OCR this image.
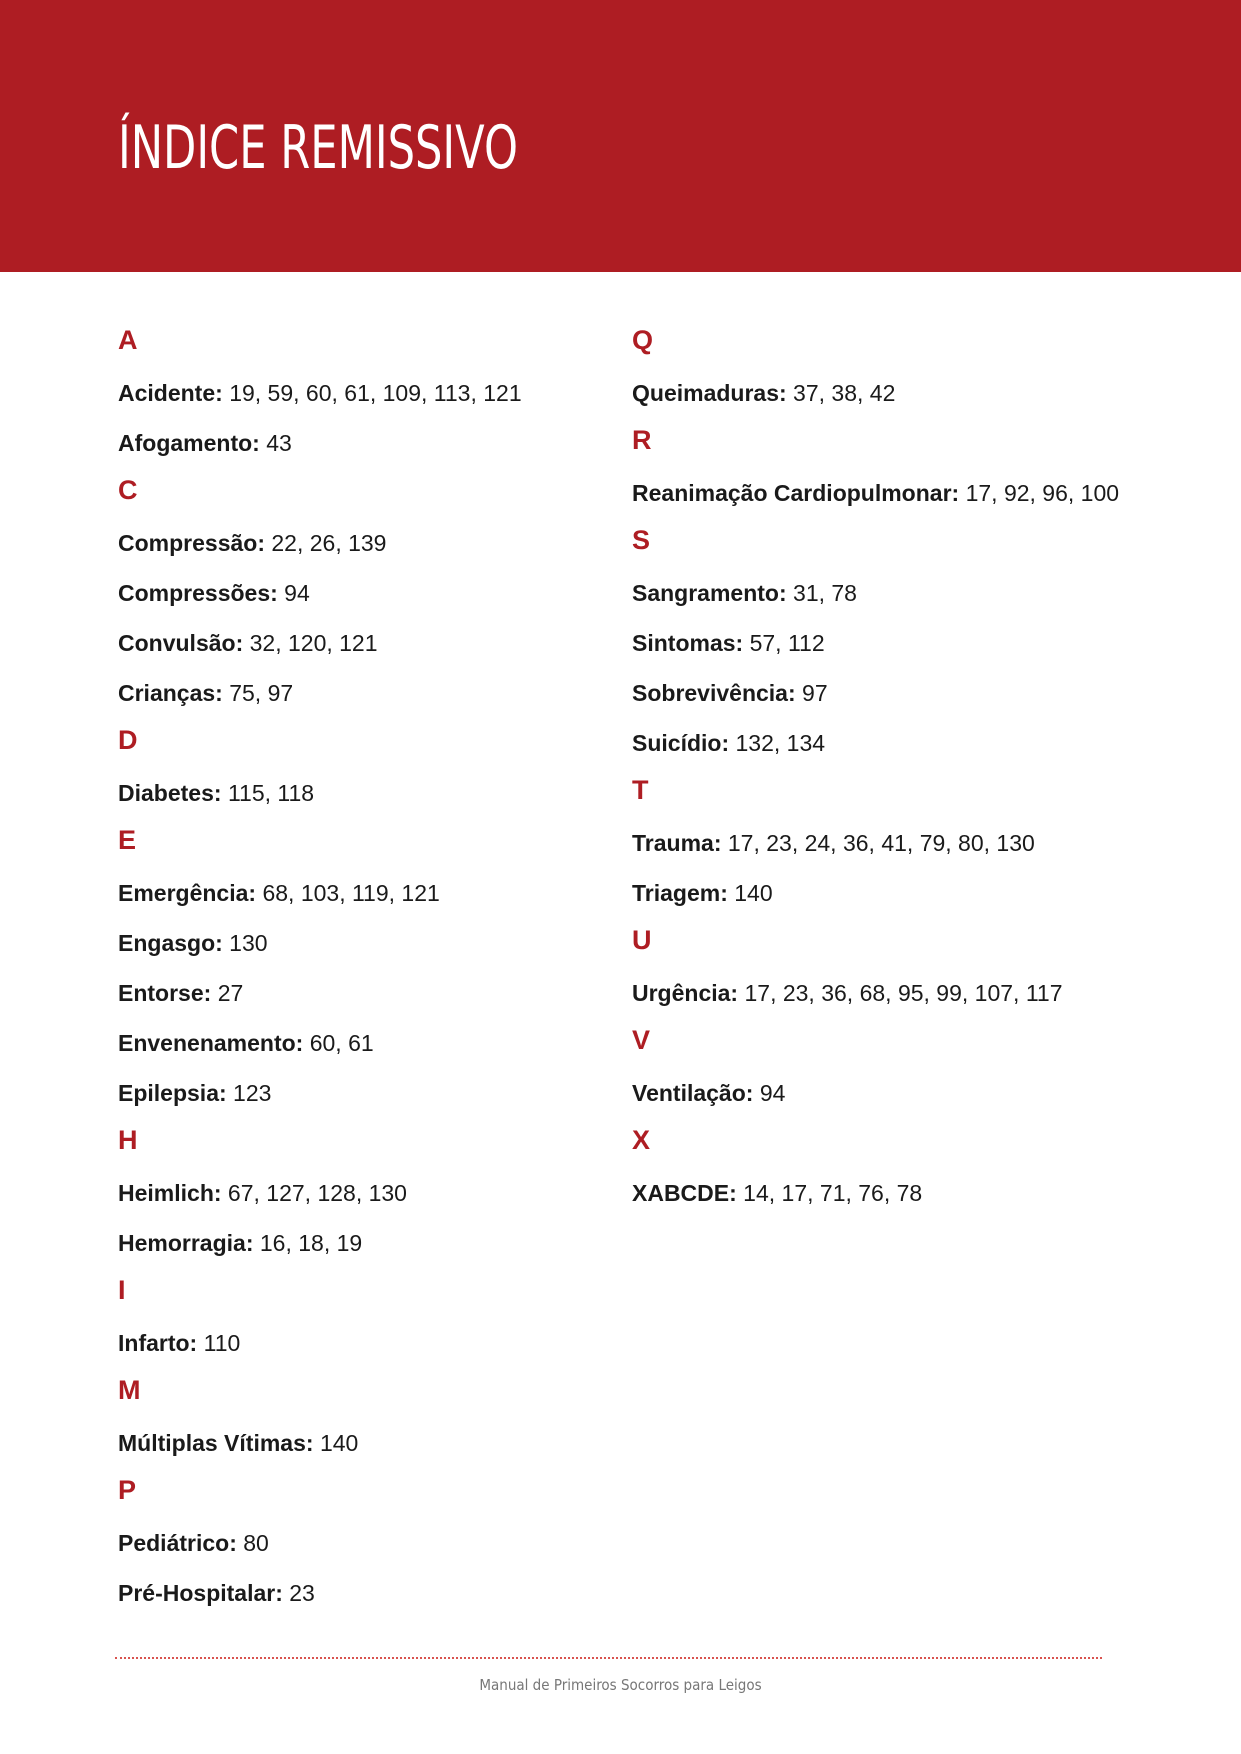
ÍNDICE REMISSIVO
A
Acidente: 19, 59, 60, 61, 109, 113, 121
Afogamento: 43
C
Compressão: 22, 26, 139
Compressões: 94
Convulsão: 32, 120, 121
Crianças: 75, 97
D
Diabetes: 115, 118
E
Emergência: 68, 103, 119, 121
Engasgo: 130
Entorse: 27
Envenenamento: 60, 61
Epilepsia: 123
H
Heimlich: 67, 127, 128, 130
Hemorragia: 16, 18, 19
I
Infarto: 110
M
Múltiplas Vítimas: 140
P
Pediátrico: 80
Pré-Hospitalar: 23
Q
Queimaduras: 37, 38, 42
R
Reanimação Cardiopulmonar: 17, 92, 96, 100
S
Sangramento: 31, 78
Sintomas: 57, 112
Sobrevivência: 97
Suicídio: 132, 134
T
Trauma: 17, 23, 24, 36, 41, 79, 80, 130
Triagem: 140
U
Urgência: 17, 23, 36, 68, 95, 99, 107, 117
V
Ventilação: 94
X
XABCDE: 14, 17, 71, 76, 78
Manual de Primeiros Socorros para Leigos
